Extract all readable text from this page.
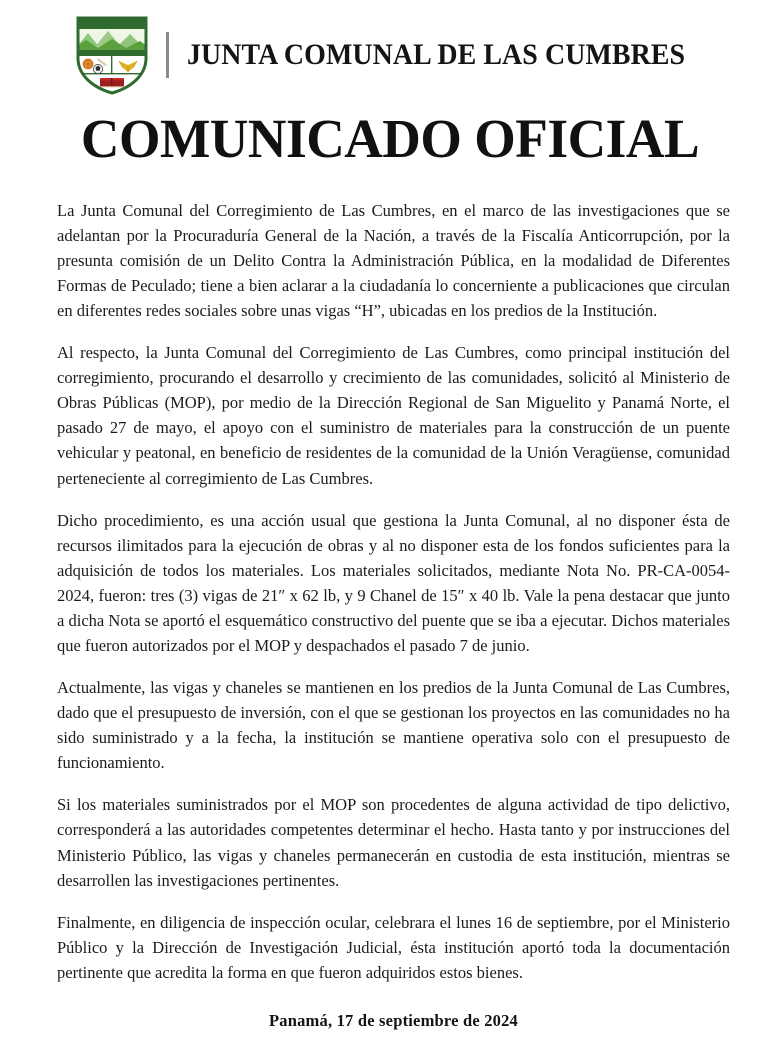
JUNTA COMUNAL DE LAS CUMBRES
COMUNICADO OFICIAL

La Junta Comunal del Corregimiento de Las Cumbres, en el marco de las investigaciones que se adelantan por la Procuraduría General de la Nación, a través de la Fiscalía Anticorrupción, por la presunta comisión de un Delito Contra la Administración Pública, en la modalidad de Diferentes Formas de Peculado; tiene a bien aclarar a la ciudadanía lo concerniente a publicaciones que circulan en diferentes redes sociales sobre unas vigas “H”, ubicadas en los predios de la Institución.

Al respecto, la Junta Comunal del Corregimiento de Las Cumbres, como principal institución del corregimiento, procurando el desarrollo y crecimiento de las comunidades, solicitó al Ministerio de Obras Públicas (MOP), por medio de la Dirección Regional de San Miguelito y Panamá Norte, el pasado 27 de mayo, el apoyo con el suministro de materiales para la construcción de un puente vehicular y peatonal, en beneficio de residentes de la comunidad de la Unión Veragüense, comunidad perteneciente al corregimiento de Las Cumbres.

Dicho procedimiento, es una acción usual que gestiona la Junta Comunal, al no disponer ésta de recursos ilimitados para la ejecución de obras y al no disponer esta de los fondos suficientes para la adquisición de todos los materiales. Los materiales solicitados, mediante Nota No. PR-CA-0054-2024, fueron: tres (3) vigas de 21″ x 62 lb, y 9 Chanel de 15″ x 40 lb. Vale la pena destacar que junto a dicha Nota se aportó el esquemático constructivo del puente que se iba a ejecutar. Dichos materiales que fueron autorizados por el MOP y despachados el pasado 7 de junio.

Actualmente, las vigas y chaneles se mantienen en los predios de la Junta Comunal de Las Cumbres, dado que el presupuesto de inversión, con el que se gestionan los proyectos en las comunidades no ha sido suministrado y a la fecha, la institución se mantiene operativa solo con el presupuesto de funcionamiento.

Si los materiales suministrados por el MOP son procedentes de alguna actividad de tipo delictivo, corresponderá a las autoridades competentes determinar el hecho. Hasta tanto y por instrucciones del Ministerio Público, las vigas y chaneles permanecerán en custodia de esta institución, mientras se desarrollen las investigaciones pertinentes.

Finalmente, en diligencia de inspección ocular, celebrara el lunes 16 de septiembre, por el Ministerio Público y la Dirección de Investigación Judicial, ésta institución aportó toda la documentación pertinente que acredita la forma en que fueron adquiridos estos bienes.

Panamá, 17 de septiembre de 2024
